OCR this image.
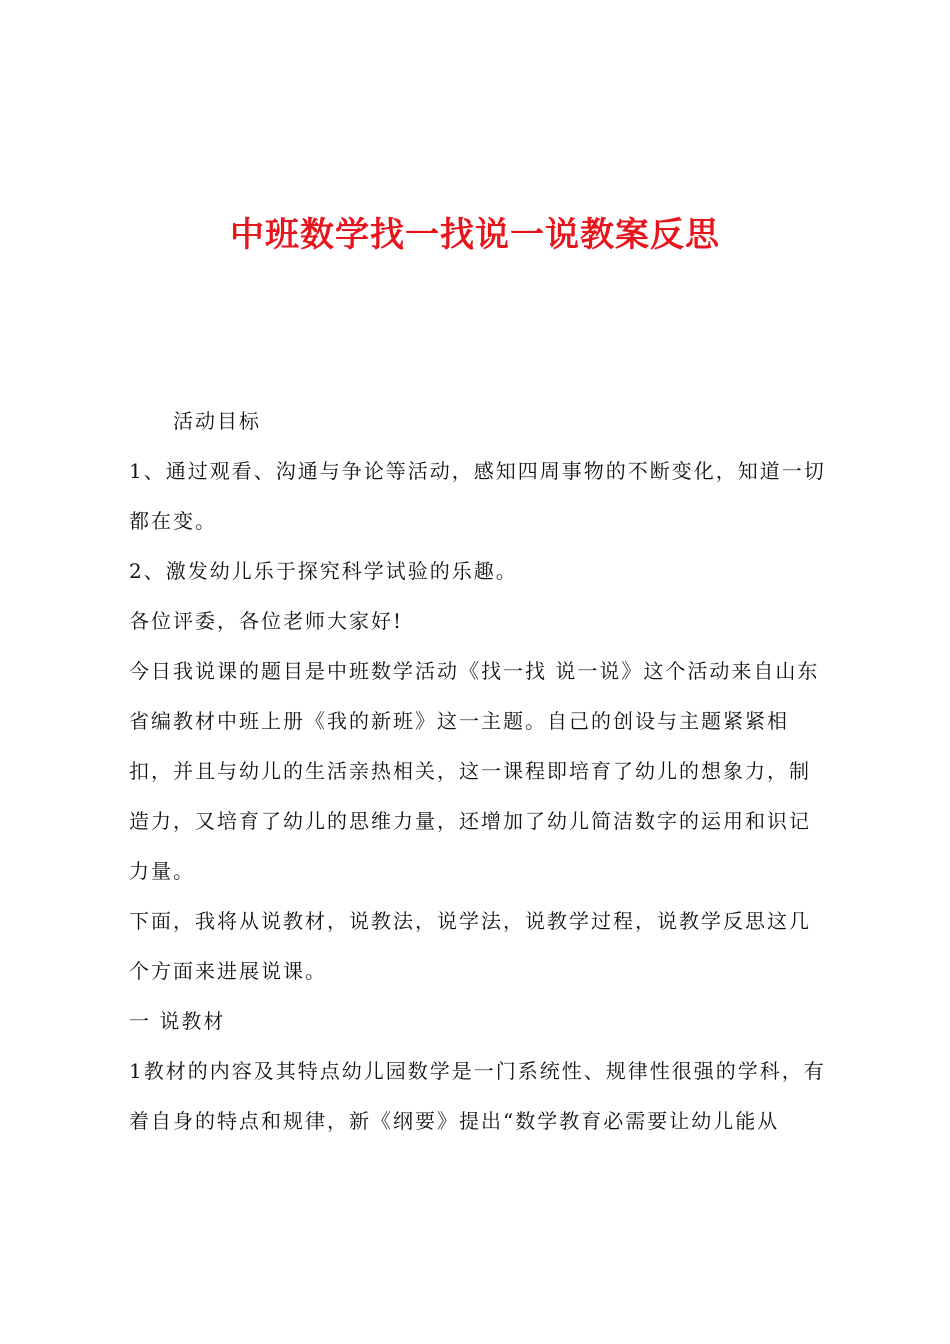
中班数学找一找说一说教案反思

活动目标

1、通过观看、沟通与争论等活动，感知四周事物的不断变化，知道一切都在变。

2、激发幼儿乐于探究科学试验的乐趣。

各位评委，各位老师大家好!

今日我说课的题目是中班数学活动《找一找 说一说》这个活动来自山东省编教材中班上册《我的新班》这一主题。自己的创设与主题紧紧相扣，并且与幼儿的生活亲热相关，这一课程即培育了幼儿的想象力，制造力，又培育了幼儿的思维力量，还增加了幼儿简洁数字的运用和识记力量。

下面，我将从说教材，说教法，说学法，说教学过程，说教学反思这几个方面来进展说课。

一 说教材

1教材的内容及其特点幼儿园数学是一门系统性、规律性很强的学科，有着自身的特点和规律，新《纲要》提出“数学教育必需要让幼儿能从
